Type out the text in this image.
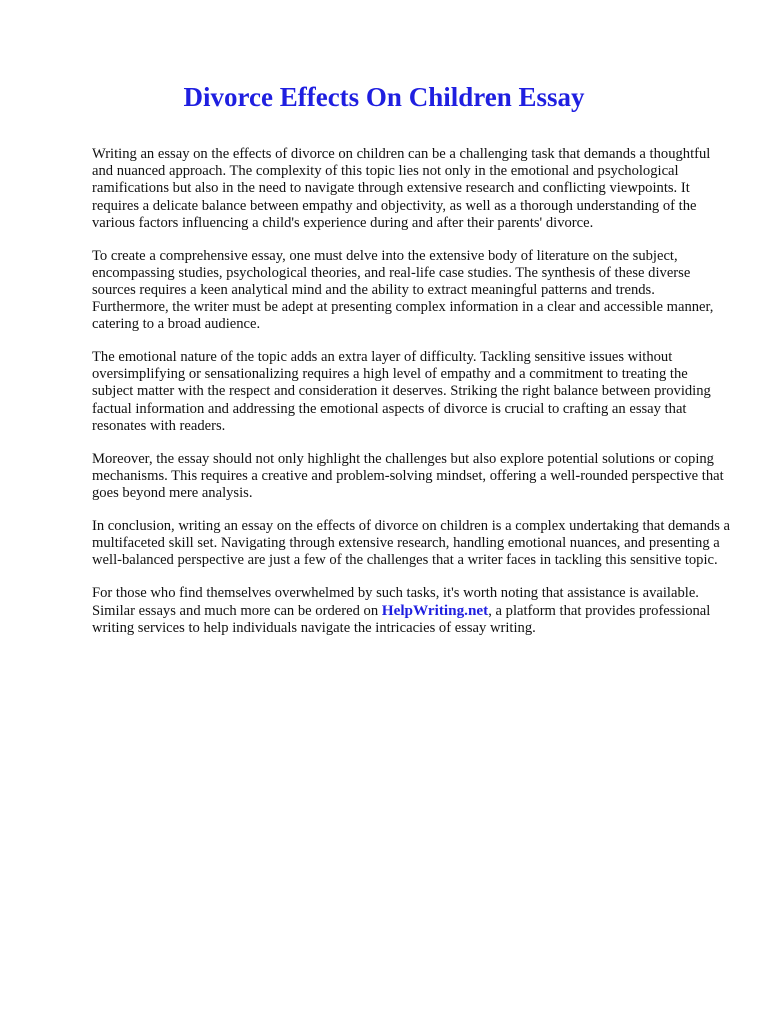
Divorce Effects On Children Essay

Writing an essay on the effects of divorce on children can be a challenging task that demands a thoughtful and nuanced approach. The complexity of this topic lies not only in the emotional and psychological ramifications but also in the need to navigate through extensive research and conflicting viewpoints. It requires a delicate balance between empathy and objectivity, as well as a thorough understanding of the various factors influencing a child's experience during and after their parents' divorce.

To create a comprehensive essay, one must delve into the extensive body of literature on the subject, encompassing studies, psychological theories, and real-life case studies. The synthesis of these diverse sources requires a keen analytical mind and the ability to extract meaningful patterns and trends. Furthermore, the writer must be adept at presenting complex information in a clear and accessible manner, catering to a broad audience.

The emotional nature of the topic adds an extra layer of difficulty. Tackling sensitive issues without oversimplifying or sensationalizing requires a high level of empathy and a commitment to treating the subject matter with the respect and consideration it deserves. Striking the right balance between providing factual information and addressing the emotional aspects of divorce is crucial to crafting an essay that resonates with readers.

Moreover, the essay should not only highlight the challenges but also explore potential solutions or coping mechanisms. This requires a creative and problem-solving mindset, offering a well-rounded perspective that goes beyond mere analysis.

In conclusion, writing an essay on the effects of divorce on children is a complex undertaking that demands a multifaceted skill set. Navigating through extensive research, handling emotional nuances, and presenting a well-balanced perspective are just a few of the challenges that a writer faces in tackling this sensitive topic.

For those who find themselves overwhelmed by such tasks, it's worth noting that assistance is available. Similar essays and much more can be ordered on HelpWriting.net, a platform that provides professional writing services to help individuals navigate the intricacies of essay writing.
